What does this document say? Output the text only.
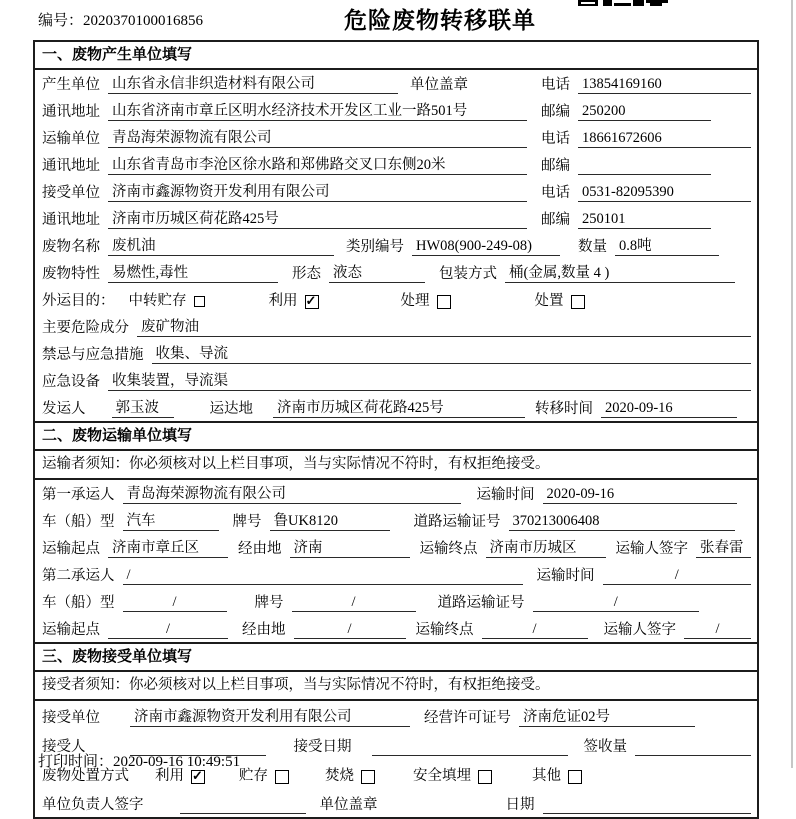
编号：2020370100016856	危险废物转移联单
一、废物产生单位填写
产生单位 山东省永信非织造材料有限公司	单位盖章	电话 13854169160
通讯地址 山东省济南市章丘区明水经济技术开发区工业一路501号	邮编 250200
运输单位 青岛海荣源物流有限公司	电话 18661672606
通讯地址 山东省青岛市李沧区徐水路和郑佛路交叉口东侧20米	邮编
接受单位 济南市鑫源物资开发利用有限公司	电话 0531-82095390
通讯地址 济南市历城区荷花路425号	邮编 250101
废物名称 废机油	类别编号 HW08(900-249-08)	数量 0.8吨
废物特性 易燃性,毒性	形态 液态	包装方式 桶(金属,数量 4 )
外运目的： 中转贮存	利用 ✓	处理	处置
主要危险成分 废矿物油
禁忌与应急措施 收集、导流
应急设备 收集装置，导流渠
发运人 郭玉波	运达地 济南市历城区荷花路425号	转移时间 2020-09-16
二、废物运输单位填写
运输者须知：你必须核对以上栏目事项，当与实际情况不符时，有权拒绝接受。
第一承运人 青岛海荣源物流有限公司	运输时间 2020-09-16
车（船）型 汽车	牌号 鲁UK8120	道路运输证号 370213006408
运输起点 济南市章丘区	经由地 济南	运输终点 济南市历城区	运输人签字 张春雷
第二承运人 /	运输时间	/
车（船）型	/	牌号	/	道路运输证号	/
运输起点	/	经由地	/	运输终点	/	运输人签字	/
三、废物接受单位填写
接受者须知：你必须核对以上栏目事项，当与实际情况不符时，有权拒绝接受。
接受单位 济南市鑫源物资开发利用有限公司	经营许可证号 济南危证02号
接受人	接受日期	签收量
废物处置方式 利用 ✓	贮存	焚烧	安全填埋	其他
单位负责人签字	单位盖章	日期
打印时间：2020-09-16 10:49:51
